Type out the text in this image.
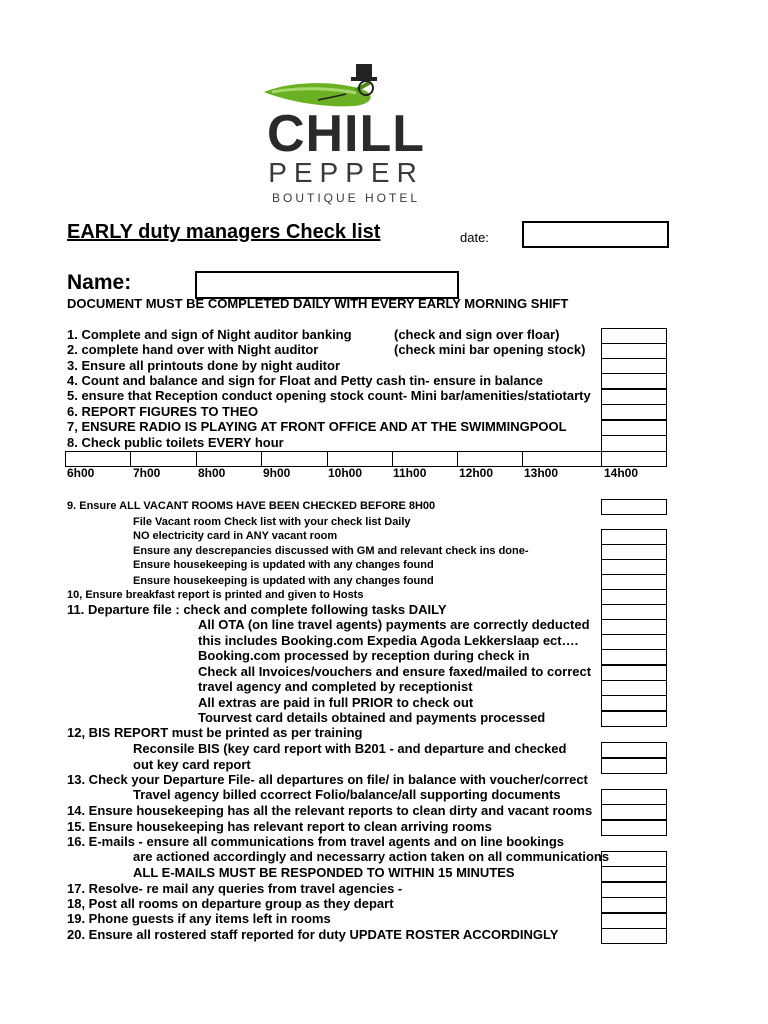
CHILL
PEPPER
BOUTIQUE HOTEL
EARLY duty managers Check list	date:
Name:
DOCUMENT MUST BE COMPLETED DAILY WITH EVERY EARLY MORNING SHIFT
1. Complete and sign of Night auditor banking	(check and sign over floar)
2. complete hand over with Night auditor	(check mini bar opening stock)
3. Ensure all printouts done by night auditor
4. Count and balance and sign for Float and Petty cash tin- ensure in balance
5. ensure that Reception conduct opening stock count- Mini bar/amenities/statiotarty
6. REPORT FIGURES TO THEO
7, ENSURE RADIO IS PLAYING AT FRONT OFFICE AND AT THE SWIMMINGPOOL
8. Check public toilets EVERY hour
6h00	7h00	8h00	9h00	10h00	11h00	12h00	13h00	14h00
9. Ensure ALL VACANT ROOMS HAVE BEEN CHECKED BEFORE 8H00
File Vacant room Check list with your check list Daily
NO electricity card in ANY vacant room
Ensure any descrepancies discussed with GM and relevant check ins done-
Ensure housekeeping is updated with any changes found
Ensure housekeeping is updated with any changes found
10, Ensure breakfast report is printed and given to Hosts
11. Departure file : check and complete following tasks DAILY
All OTA (on line travel agents) payments are correctly deducted
this includes Booking.com Expedia Agoda Lekkerslaap ect….
Booking.com processed by reception during check in
Check all Invoices/vouchers and ensure faxed/mailed to correct
travel agency and completed by receptionist
All extras are paid in full PRIOR to check out
Tourvest card details obtained and payments processed
12, BIS REPORT must be printed as per training
Reconsile BIS (key card report with B201 - and departure and checked
out key card report
13. Check your Departure File- all departures on file/ in balance with voucher/correct
Travel agency billed ccorrect Folio/balance/all supporting documents
14. Ensure housekeeping has all the relevant reports to clean dirty and vacant rooms
15. Ensure housekeeping has relevant report to clean arriving rooms
16. E-mails - ensure all communications from travel agents and on line bookings
are actioned accordingly and necessarry action taken on all communications
ALL E-MAILS MUST BE RESPONDED TO WITHIN 15 MINUTES
17. Resolve- re mail any queries from travel agencies -
18, Post all rooms on departure group as they depart
19. Phone guests if any items left in rooms
20. Ensure all rostered staff reported for duty UPDATE ROSTER ACCORDINGLY
